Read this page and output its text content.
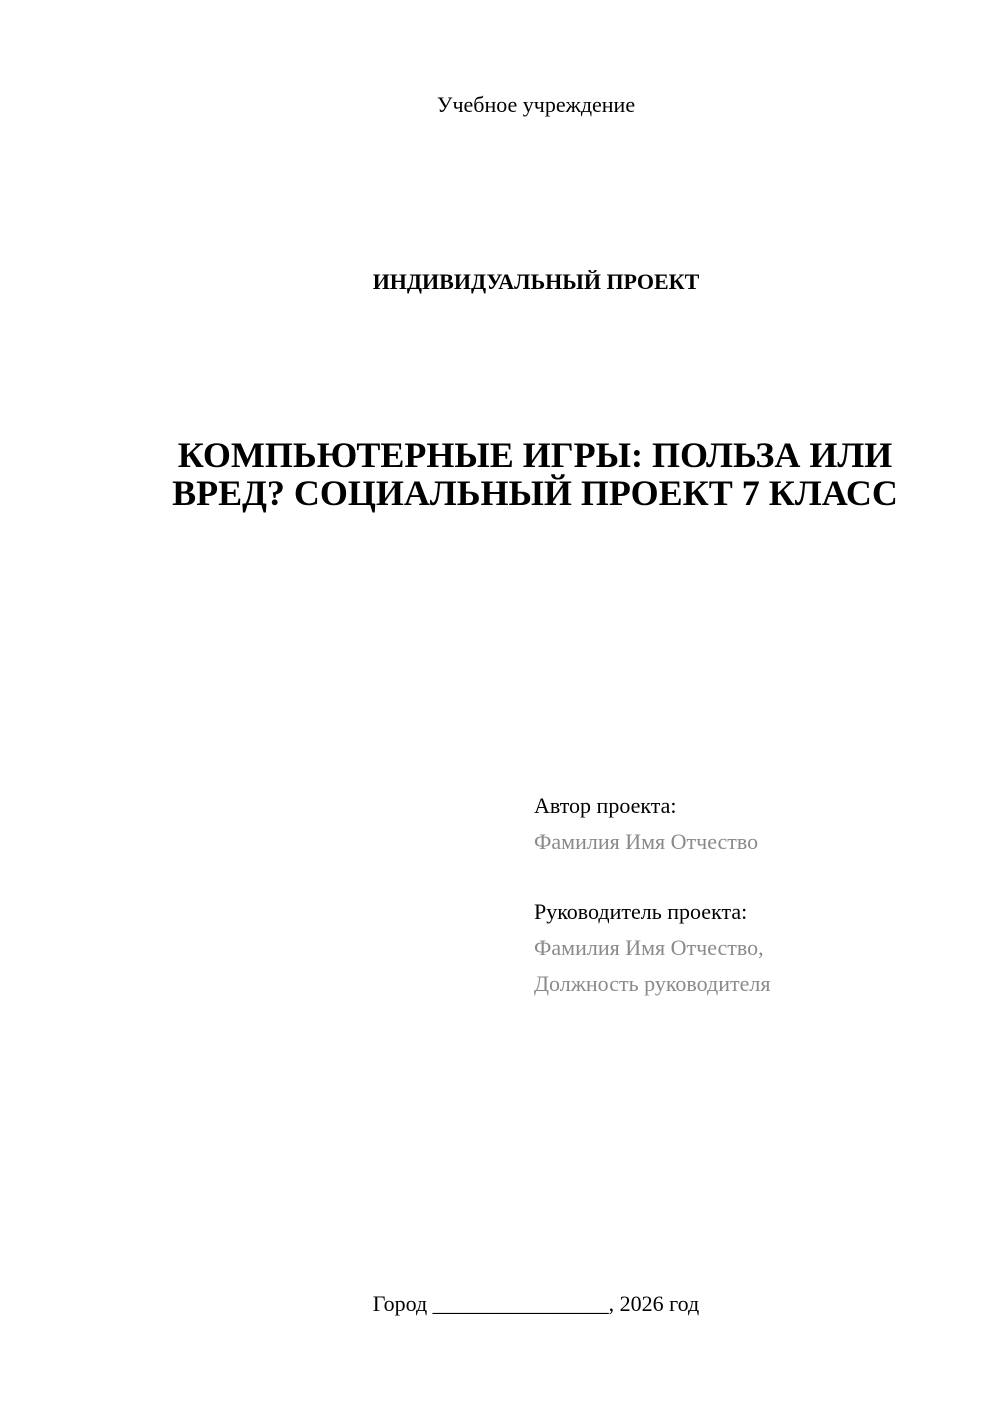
Учебное учреждение
ИНДИВИДУАЛЬНЫЙ ПРОЕКТ
КОМПЬЮТЕРНЫЕ ИГРЫ: ПОЛЬЗА ИЛИ ВРЕД? СОЦИАЛЬНЫЙ ПРОЕКТ 7 КЛАСС
Автор проекта:
Фамилия Имя Отчество
Руководитель проекта:
Фамилия Имя Отчество,
Должность руководителя
Город ________________, 2026 год
